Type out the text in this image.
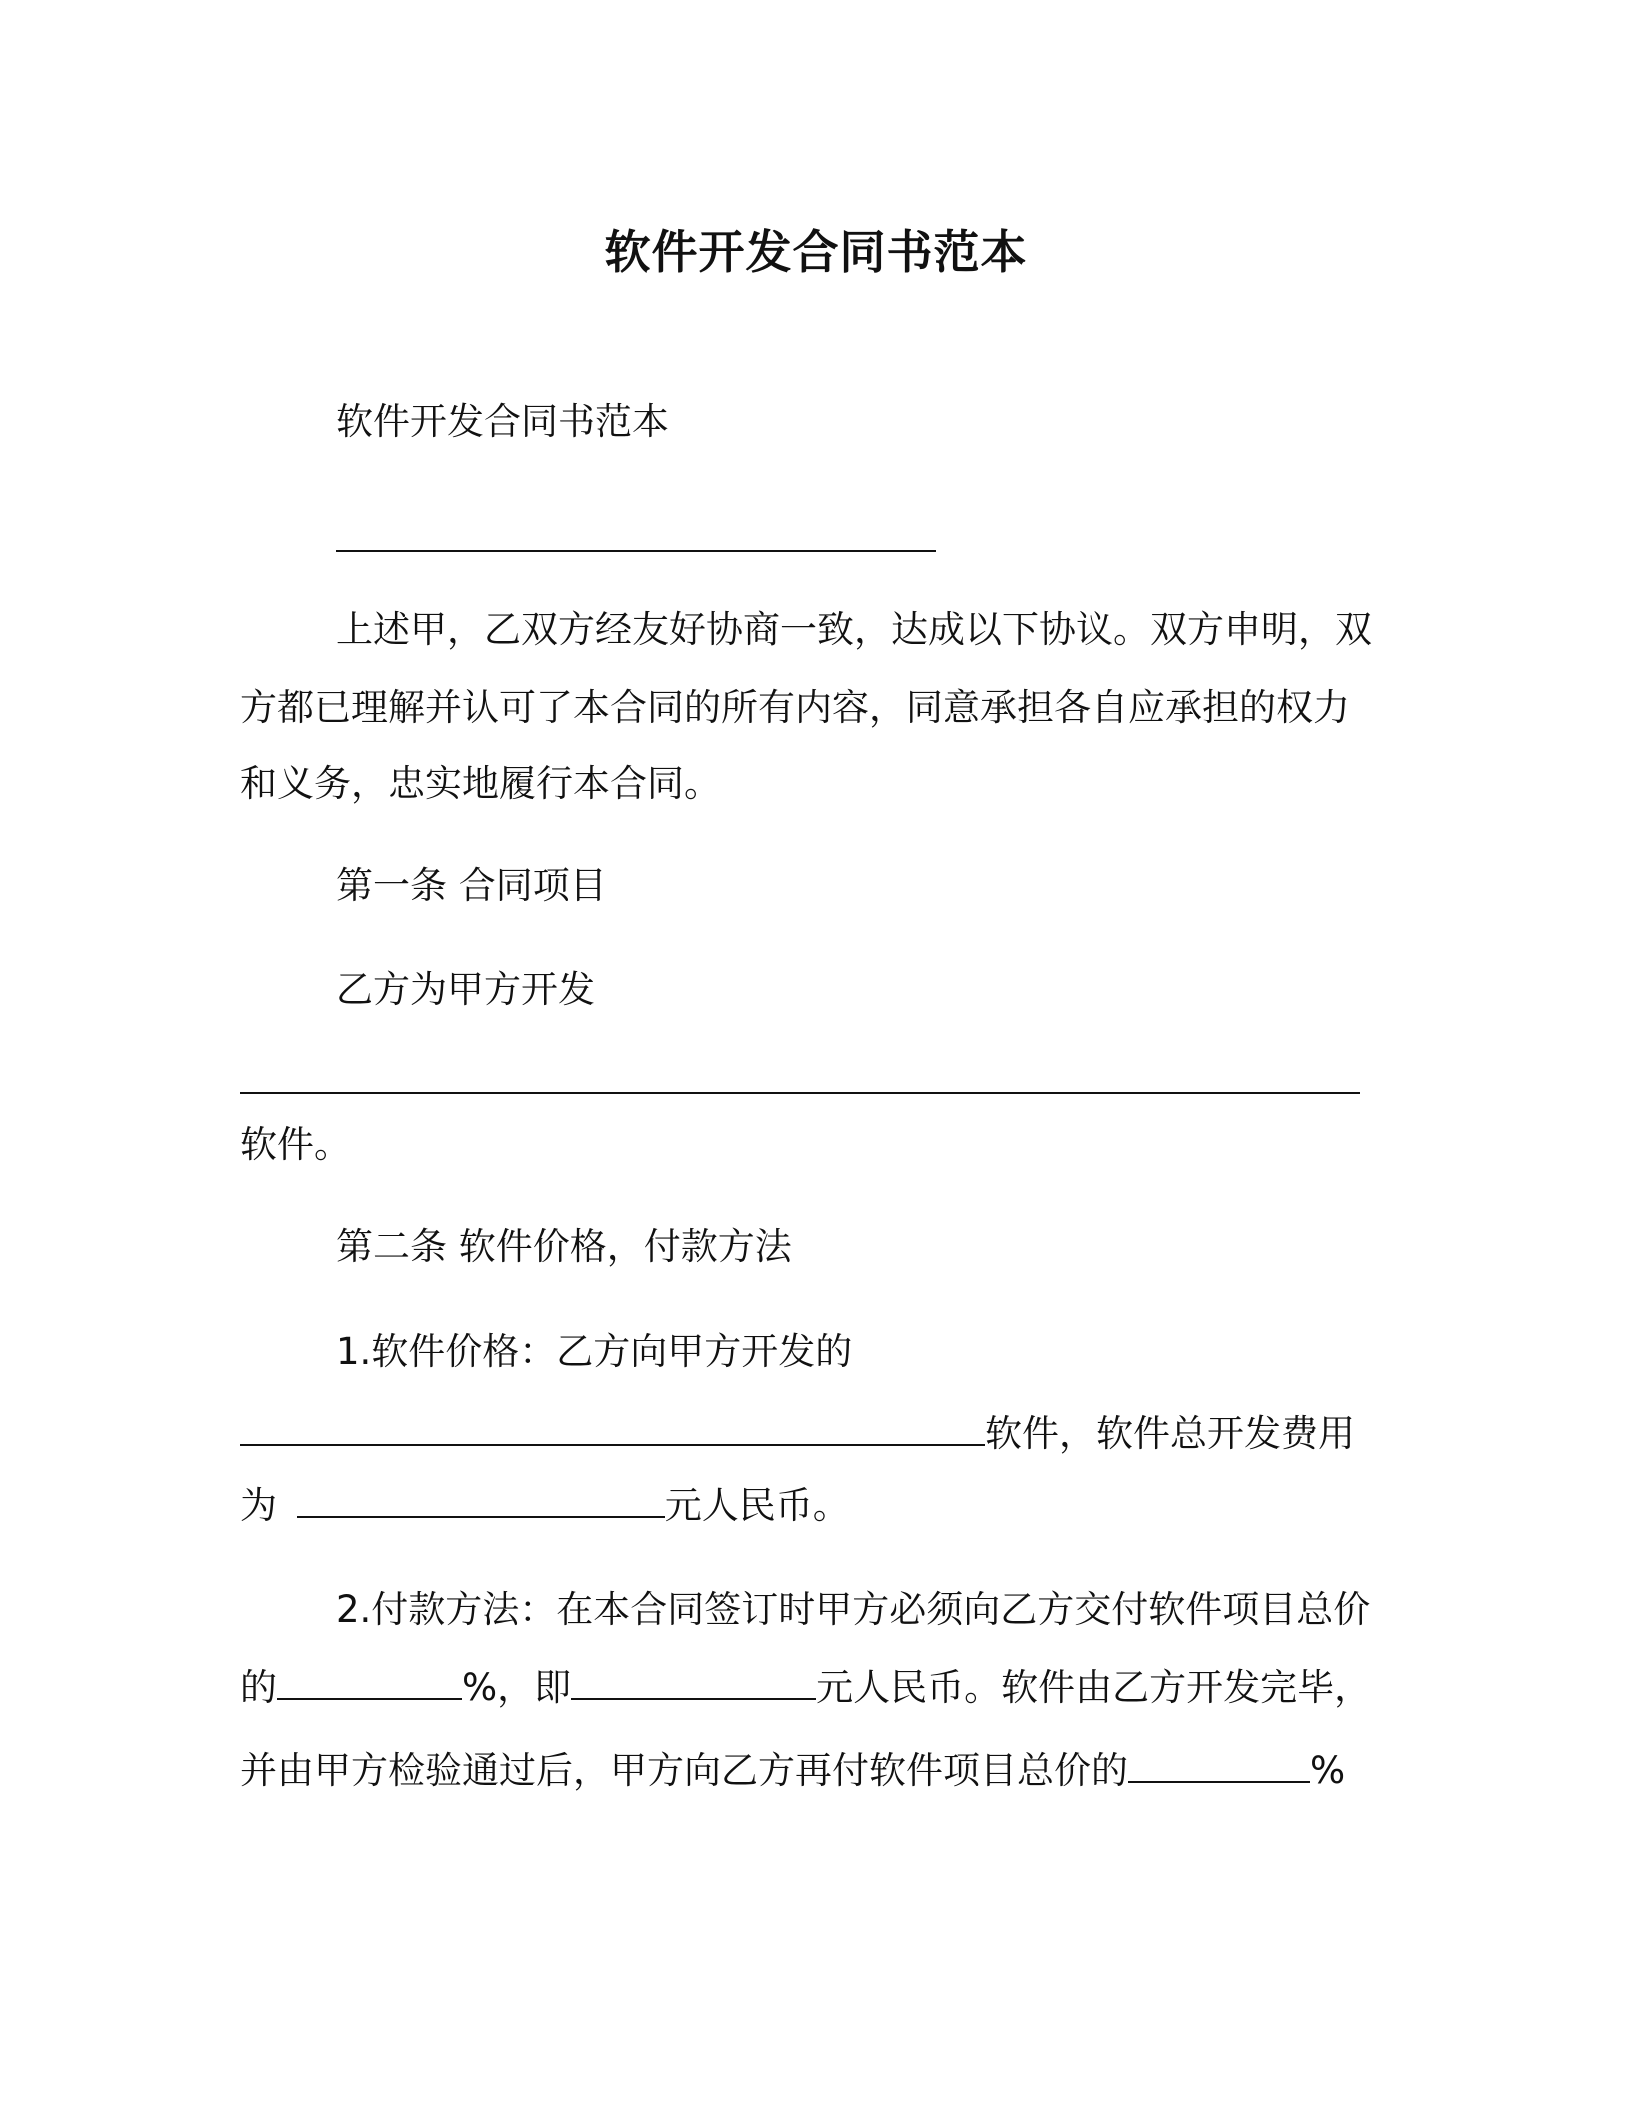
软件开发合同书范本
软件开发合同书范本
上述甲，乙双方经友好协商一致，达成以下协议。双方申明，双
方都已理解并认可了本合同的所有内容，同意承担各自应承担的权力
和义务，忠实地履行本合同。
第一条 合同项目
乙方为甲方开发
软件。
第二条 软件价格，付款方法
1.软件价格：乙方向甲方开发的
软件，软件总开发费用
为	元人民币。
2.付款方法：在本合同签订时甲方必须向乙方交付软件项目总价
的	%，即	元人民币。软件由乙方开发完毕，
并由甲方检验通过后，甲方向乙方再付软件项目总价的	%
